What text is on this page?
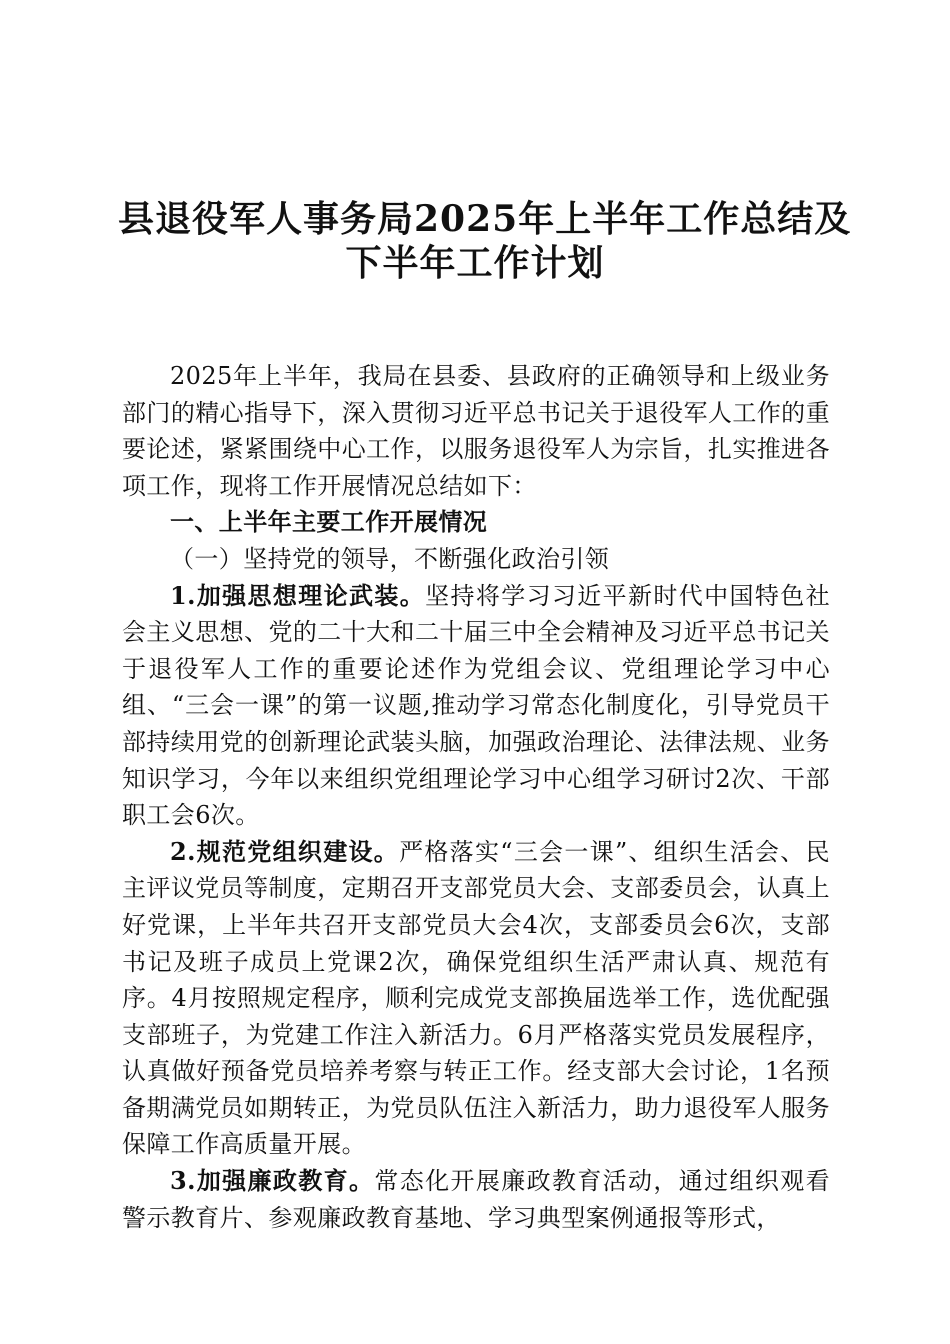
县退役军人事务局2025年上半年工作总结及
下半年工作计划

2025年上半年，我局在县委、县政府的正确领导和上级业务部门的精心指导下，深入贯彻习近平总书记关于退役军人工作的重要论述，紧紧围绕中心工作，以服务退役军人为宗旨，扎实推进各项工作，现将工作开展情况总结如下：

一、上半年主要工作开展情况

（一）坚持党的领导，不断强化政治引领

1.加强思想理论武装。坚持将学习习近平新时代中国特色社会主义思想、党的二十大和二十届三中全会精神及习近平总书记关于退役军人工作的重要论述作为党组会议、党组理论学习中心组、“三会一课”的第一议题,推动学习常态化制度化，引导党员干部持续用党的创新理论武装头脑，加强政治理论、法律法规、业务知识学习，今年以来组织党组理论学习中心组学习研讨2次、干部职工会6次。

2.规范党组织建设。严格落实“三会一课”、组织生活会、民主评议党员等制度，定期召开支部党员大会、支部委员会，认真上好党课，上半年共召开支部党员大会4次，支部委员会6次，支部书记及班子成员上党课2次，确保党组织生活严肃认真、规范有序。4月按照规定程序，顺利完成党支部换届选举工作，选优配强支部班子，为党建工作注入新活力。6月严格落实党员发展程序，认真做好预备党员培养考察与转正工作。经支部大会讨论，1名预备期满党员如期转正，为党员队伍注入新活力，助力退役军人服务保障工作高质量开展。

3.加强廉政教育。常态化开展廉政教育活动，通过组织观看警示教育片、参观廉政教育基地、学习典型案例通报等形式，
